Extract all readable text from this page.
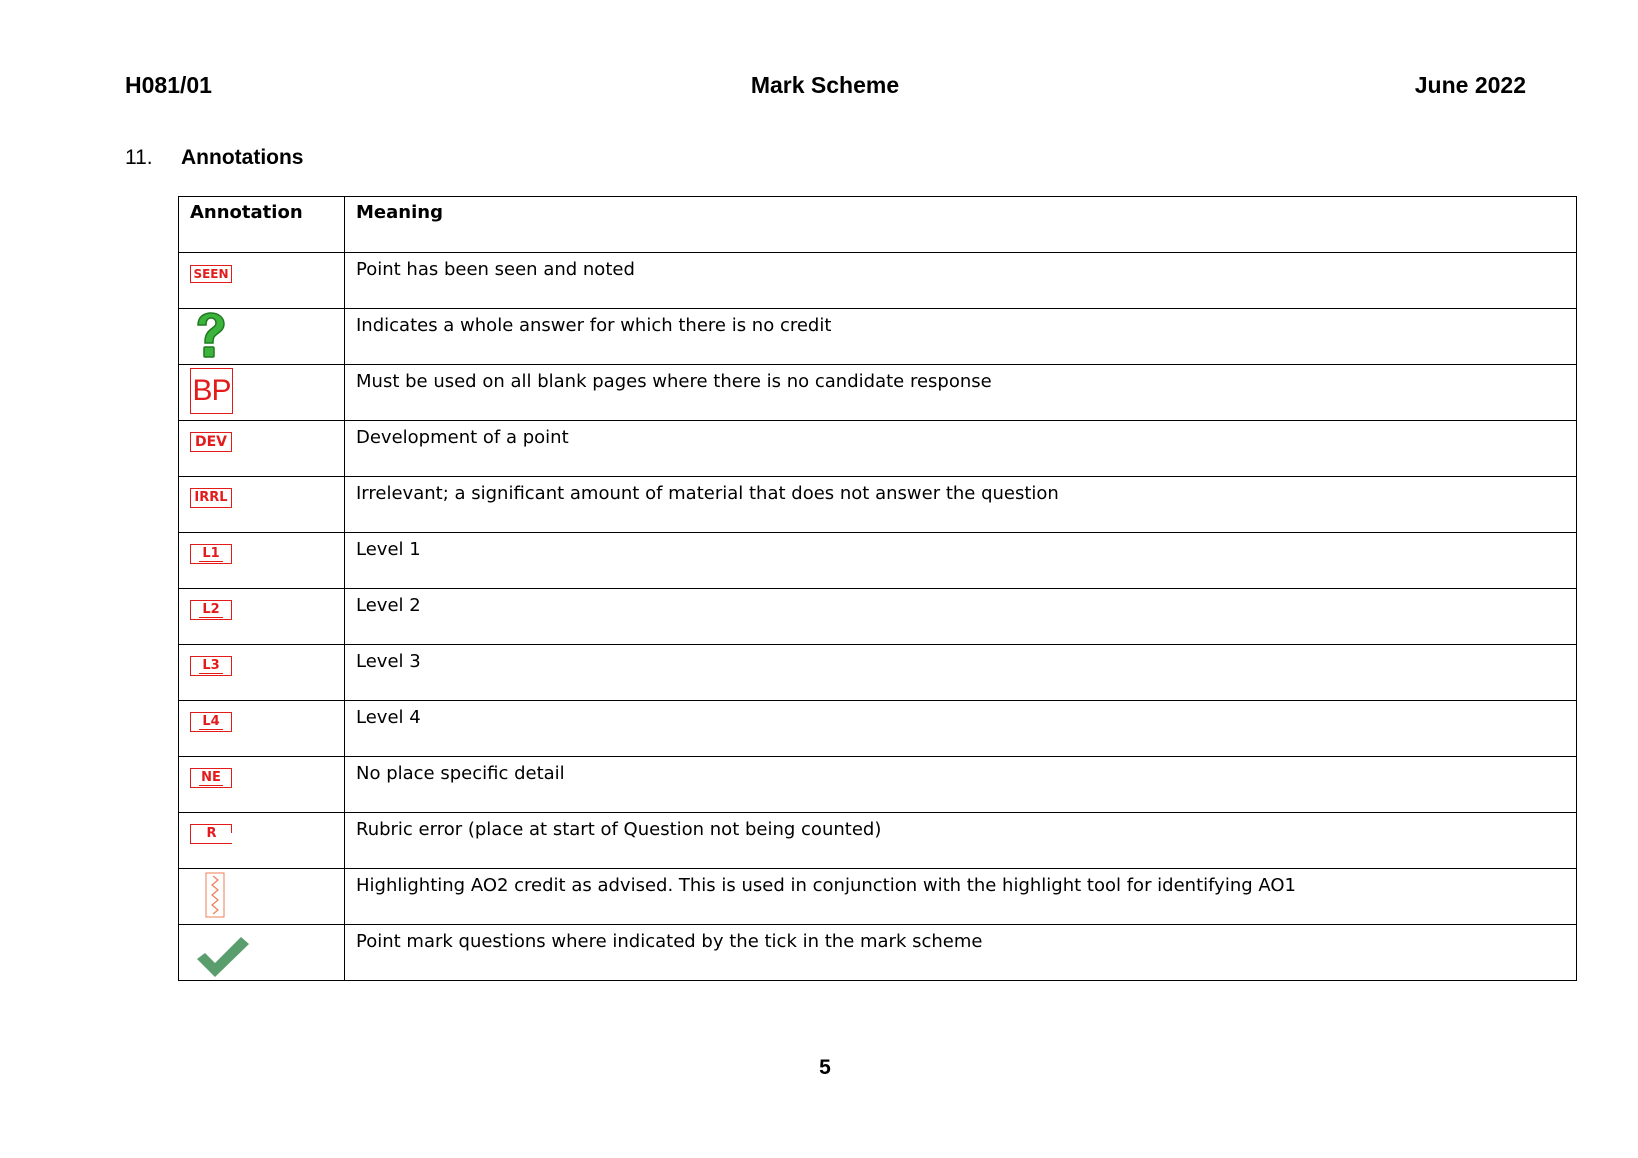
H081/01	Mark Scheme	June 2022
11. Annotations
Annotation	Meaning

SEEN	Point has been seen and noted

	Indicates a whole answer for which there is no credit

BP	Must be used on all blank pages where there is no candidate response

DEV	Development of a point

IRRL	Irrelevant; a significant amount of material that does not answer the question

L1	Level 1

L2	Level 2

L3	Level 3

L4	Level 4

NE	No place specific detail

R	Rubric error (place at start of Question not being counted)

	Highlighting AO2 credit as advised. This is used in conjunction with the highlight tool for identifying AO1

	Point mark questions where indicated by the tick in the mark scheme
5
